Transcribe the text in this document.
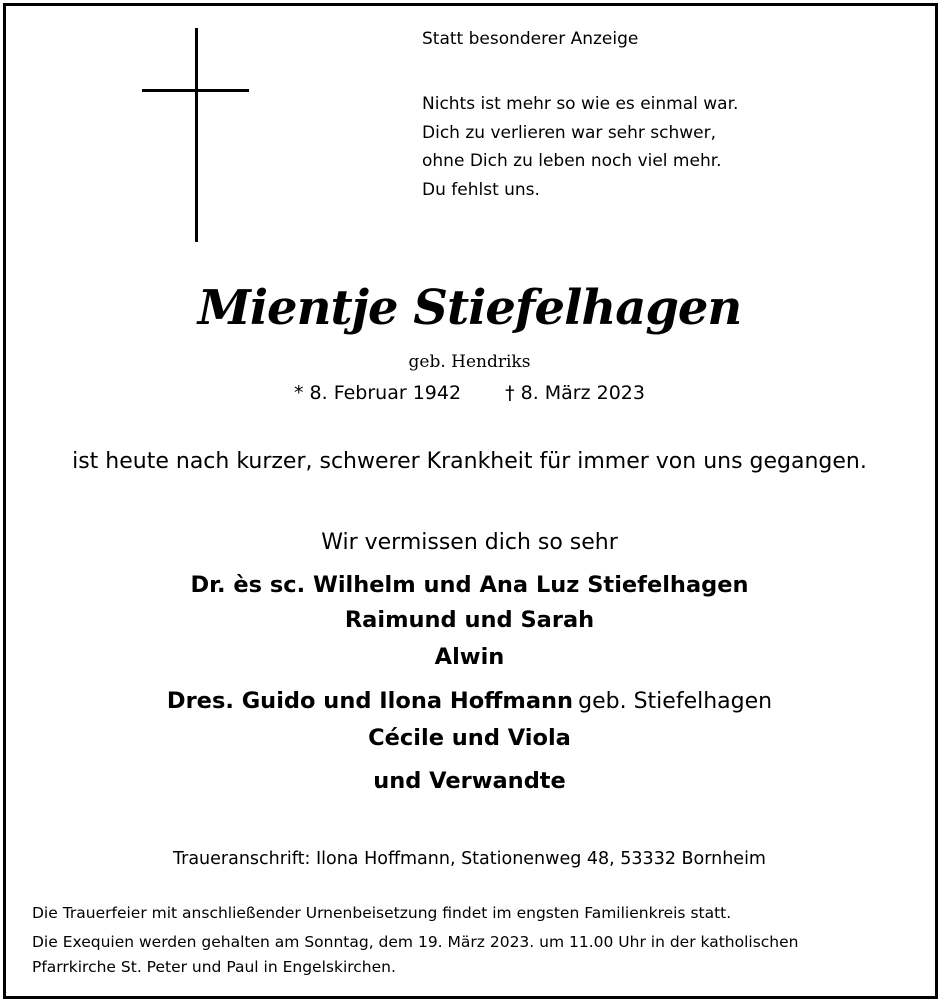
Statt besonderer Anzeige
Nichts ist mehr so wie es einmal war.
Dich zu verlieren war sehr schwer,
ohne Dich zu leben noch viel mehr.
Du fehlst uns.
Mientje Stiefelhagen
geb. Hendriks
* 8. Februar 1942 † 8. März 2023
ist heute nach kurzer, schwerer Krankheit für immer von uns gegangen.
Wir vermissen dich so sehr
Dr. ès sc. Wilhelm und Ana Luz Stiefelhagen
Raimund und Sarah
Alwin
Dres. Guido und Ilona Hoffmann geb. Stiefelhagen
Cécile und Viola
und Verwandte
Traueranschrift: Ilona Hoffmann, Stationenweg 48, 53332 Bornheim
Die Trauerfeier mit anschließender Urnenbeisetzung findet im engsten Familienkreis statt.
Die Exequien werden gehalten am Sonntag, dem 19. März 2023. um 11.00 Uhr in der katholischen
Pfarrkirche St. Peter und Paul in Engelskirchen.
